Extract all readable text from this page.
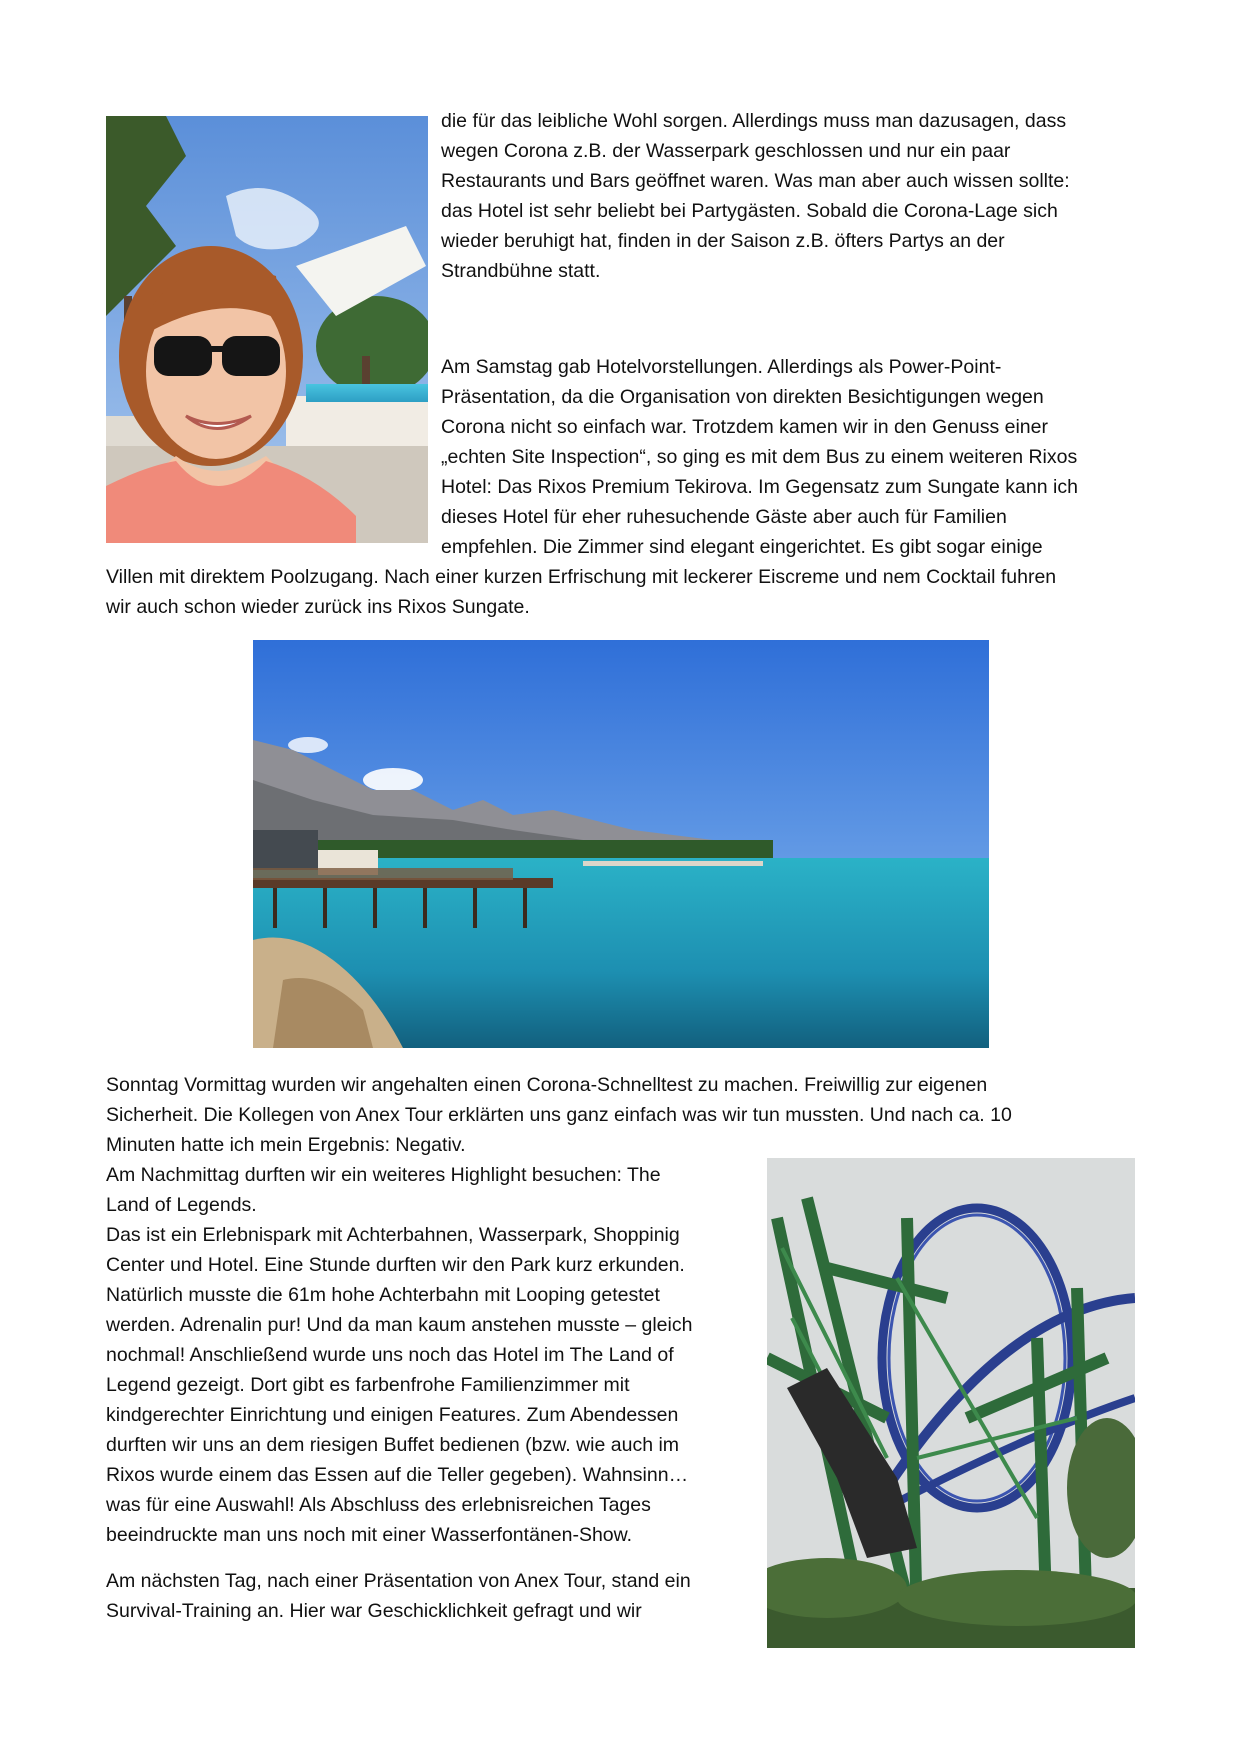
die für das leibliche Wohl sorgen. Allerdings muss man dazusagen, dass
wegen Corona z.B. der Wasserpark geschlossen und nur ein paar
Restaurants und Bars geöffnet waren. Was man aber auch wissen sollte:
das Hotel ist sehr beliebt bei Partygästen. Sobald die Corona-Lage sich
wieder beruhigt hat, finden in der Saison z.B. öfters Partys an der
Strandbühne statt.
Am Samstag gab Hotelvorstellungen. Allerdings als Power-Point-
Präsentation, da die Organisation von direkten Besichtigungen wegen
Corona nicht so einfach war. Trotzdem kamen wir in den Genuss einer
„echten Site Inspection“, so ging es mit dem Bus zu einem weiteren Rixos
Hotel: Das Rixos Premium Tekirova. Im Gegensatz zum Sungate kann ich
dieses Hotel für eher ruhesuchende Gäste aber auch für Familien
empfehlen. Die Zimmer sind elegant eingerichtet. Es gibt sogar einige
Villen mit direktem Poolzugang. Nach einer kurzen Erfrischung mit leckerer Eiscreme und nem Cocktail fuhren
wir auch schon wieder zurück ins Rixos Sungate.
Sonntag Vormittag wurden wir angehalten einen Corona-Schnelltest zu machen. Freiwillig zur eigenen
Sicherheit. Die Kollegen von Anex Tour erklärten uns ganz einfach was wir tun mussten. Und nach ca. 10
Minuten hatte ich mein Ergebnis: Negativ.
Am Nachmittag durften wir ein weiteres Highlight besuchen: The
Land of Legends.
Das ist ein Erlebnispark mit Achterbahnen, Wasserpark, Shoppinig
Center und Hotel. Eine Stunde durften wir den Park kurz erkunden.
Natürlich musste die 61m hohe Achterbahn mit Looping getestet
werden. Adrenalin pur! Und da man kaum anstehen musste – gleich
nochmal! Anschließend wurde uns noch das Hotel im The Land of
Legend gezeigt. Dort gibt es farbenfrohe Familienzimmer mit
kindgerechter Einrichtung und einigen Features. Zum Abendessen
durften wir uns an dem riesigen Buffet bedienen (bzw. wie auch im
Rixos wurde einem das Essen auf die Teller gegeben). Wahnsinn…
was für eine Auswahl! Als Abschluss des erlebnisreichen Tages
beeindruckte man uns noch mit einer Wasserfontänen-Show.
Am nächsten Tag, nach einer Präsentation von Anex Tour, stand ein
Survival-Training an. Hier war Geschicklichkeit gefragt und wir
